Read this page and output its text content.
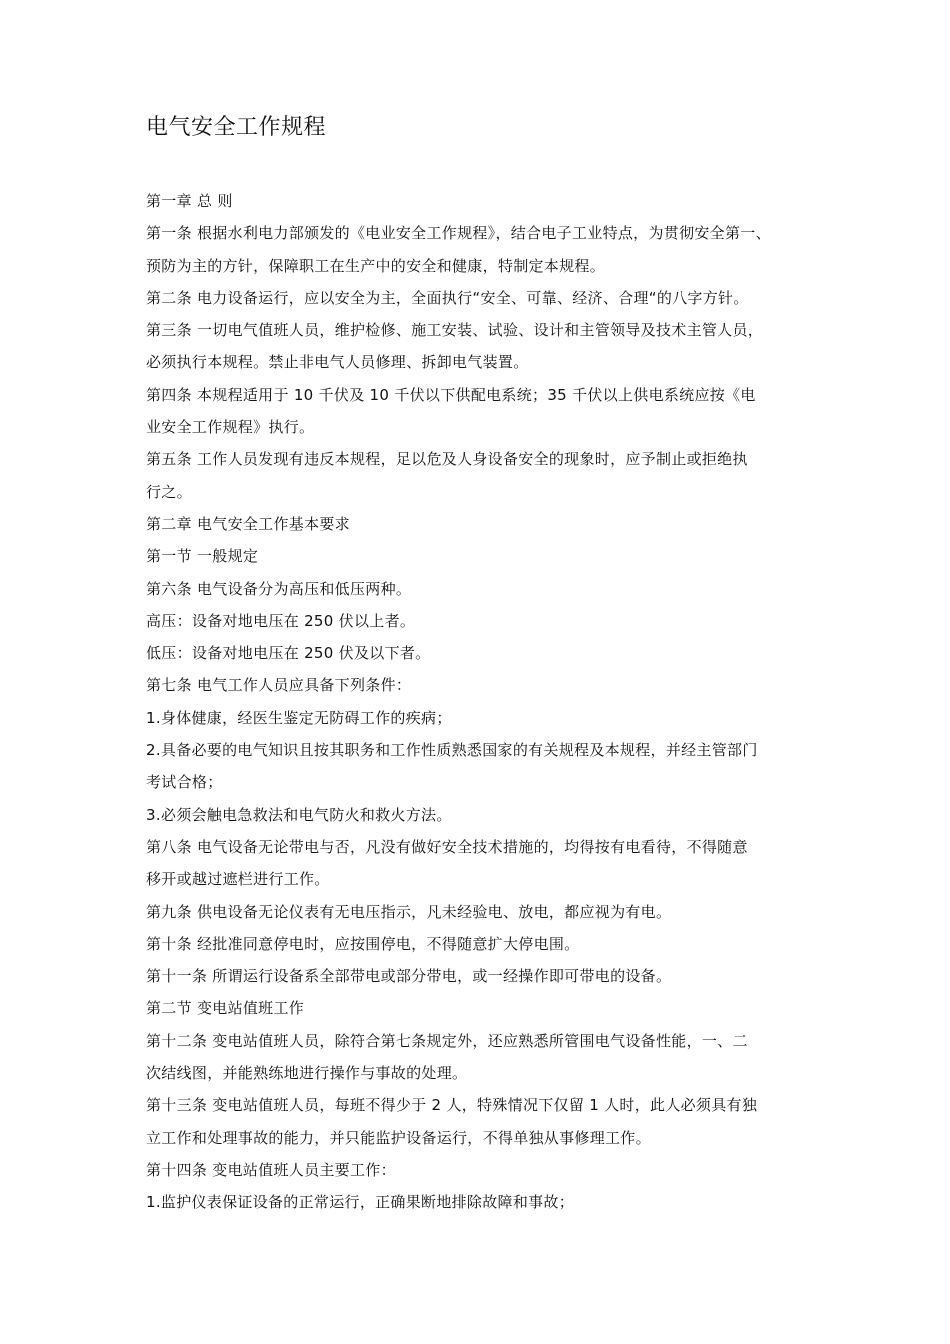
电气安全工作规程
第一章 总 则
第一条 根据水利电力部颁发的《电业安全工作规程》，结合电子工业特点，为贯彻安全第一、
预防为主的方针，保障职工在生产中的安全和健康，特制定本规程。
第二条 电力设备运行，应以安全为主，全面执行“安全、可靠、经济、合理“的八字方针。
第三条 一切电气值班人员，维护检修、施工安装、试验、设计和主管领导及技术主管人员，
必须执行本规程。禁止非电气人员修理、拆卸电气装置。
第四条 本规程适用于 10 千伏及 10 千伏以下供配电系统；35 千伏以上供电系统应按《电
业安全工作规程》执行。
第五条 工作人员发现有违反本规程，足以危及人身设备安全的现象时，应予制止或拒绝执
行之。
第二章 电气安全工作基本要求
第一节 一般规定
第六条 电气设备分为高压和低压两种。
高压：设备对地电压在 250 伏以上者。
低压：设备对地电压在 250 伏及以下者。
第七条 电气工作人员应具备下列条件：
1.身体健康，经医生鉴定无防碍工作的疾病；
2.具备必要的电气知识且按其职务和工作性质熟悉国家的有关规程及本规程，并经主管部门
考试合格；
3.必须会触电急救法和电气防火和救火方法。
第八条 电气设备无论带电与否，凡没有做好安全技术措施的，均得按有电看待，不得随意
移开或越过遮栏进行工作。
第九条 供电设备无论仪表有无电压指示，凡未经验电、放电，都应视为有电。
第十条 经批准同意停电时，应按围停电，不得随意扩大停电围。
第十一条 所谓运行设备系全部带电或部分带电，或一经操作即可带电的设备。
第二节 变电站值班工作
第十二条 变电站值班人员，除符合第七条规定外，还应熟悉所管围电气设备性能，一、二
次结线图，并能熟练地进行操作与事故的处理。
第十三条 变电站值班人员，每班不得少于 2 人，特殊情况下仅留 1 人时，此人必须具有独
立工作和处理事故的能力，并只能监护设备运行，不得单独从事修理工作。
第十四条 变电站值班人员主要工作：
1.监护仪表保证设备的正常运行，正确果断地排除故障和事故；
